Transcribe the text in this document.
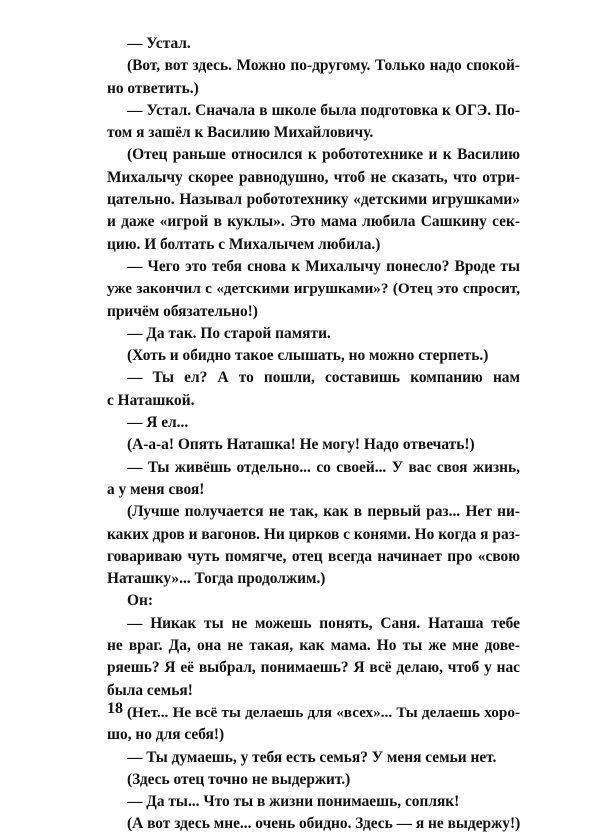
— Устал.
(Вот, вот здесь. Можно по-другому. Только надо спокой-
но ответить.)
— Устал. Сначала в школе была подготовка к ОГЭ. По-
том я зашёл к Василию Михайловичу.
(Отец раньше относился к робототехнике и к Василию
Михалычу скорее равнодушно, чтоб не сказать, что отри-
цательно. Называл робототехнику «детскими игрушками»
и даже «игрой в куклы». Это мама любила Сашкину сек-
цию. И болтать с Михалычем любила.)
— Чего это тебя снова к Михалычу понесло? Вроде ты
уже закончил с «детскими игрушками»? (Отец это спросит,
причём обязательно!)
— Да так. По старой памяти.
(Хоть и обидно такое слышать, но можно стерпеть.)
— Ты ел? А то пошли, составишь компанию нам
с Наташкой.
— Я ел...
(А-а-а! Опять Наташка! Не могу! Надо отвечать!)
— Ты живёшь отдельно... со своей... У вас своя жизнь,
а у меня своя!
(Лучше получается не так, как в первый раз... Нет ни-
каких дров и вагонов. Ни цирков с конями. Но когда я раз-
говариваю чуть помягче, отец всегда начинает про «свою
Наташку»... Тогда продолжим.)
Он:
— Никак ты не можешь понять, Саня. Наташа тебе
не враг. Да, она не такая, как мама. Но ты же мне дове-
ряешь? Я её выбрал, понимаешь? Я всё делаю, чтоб у нас
была семья!
(Нет... Не всё ты делаешь для «всех»... Ты делаешь хоро-
шо, но для себя!)
— Ты думаешь, у тебя есть семья? У меня семьи нет.
(Здесь отец точно не выдержит.)
— Да ты... Что ты в жизни понимаешь, сопляк!
(А вот здесь мне... очень обидно. Здесь — я не выдержу!)
18
